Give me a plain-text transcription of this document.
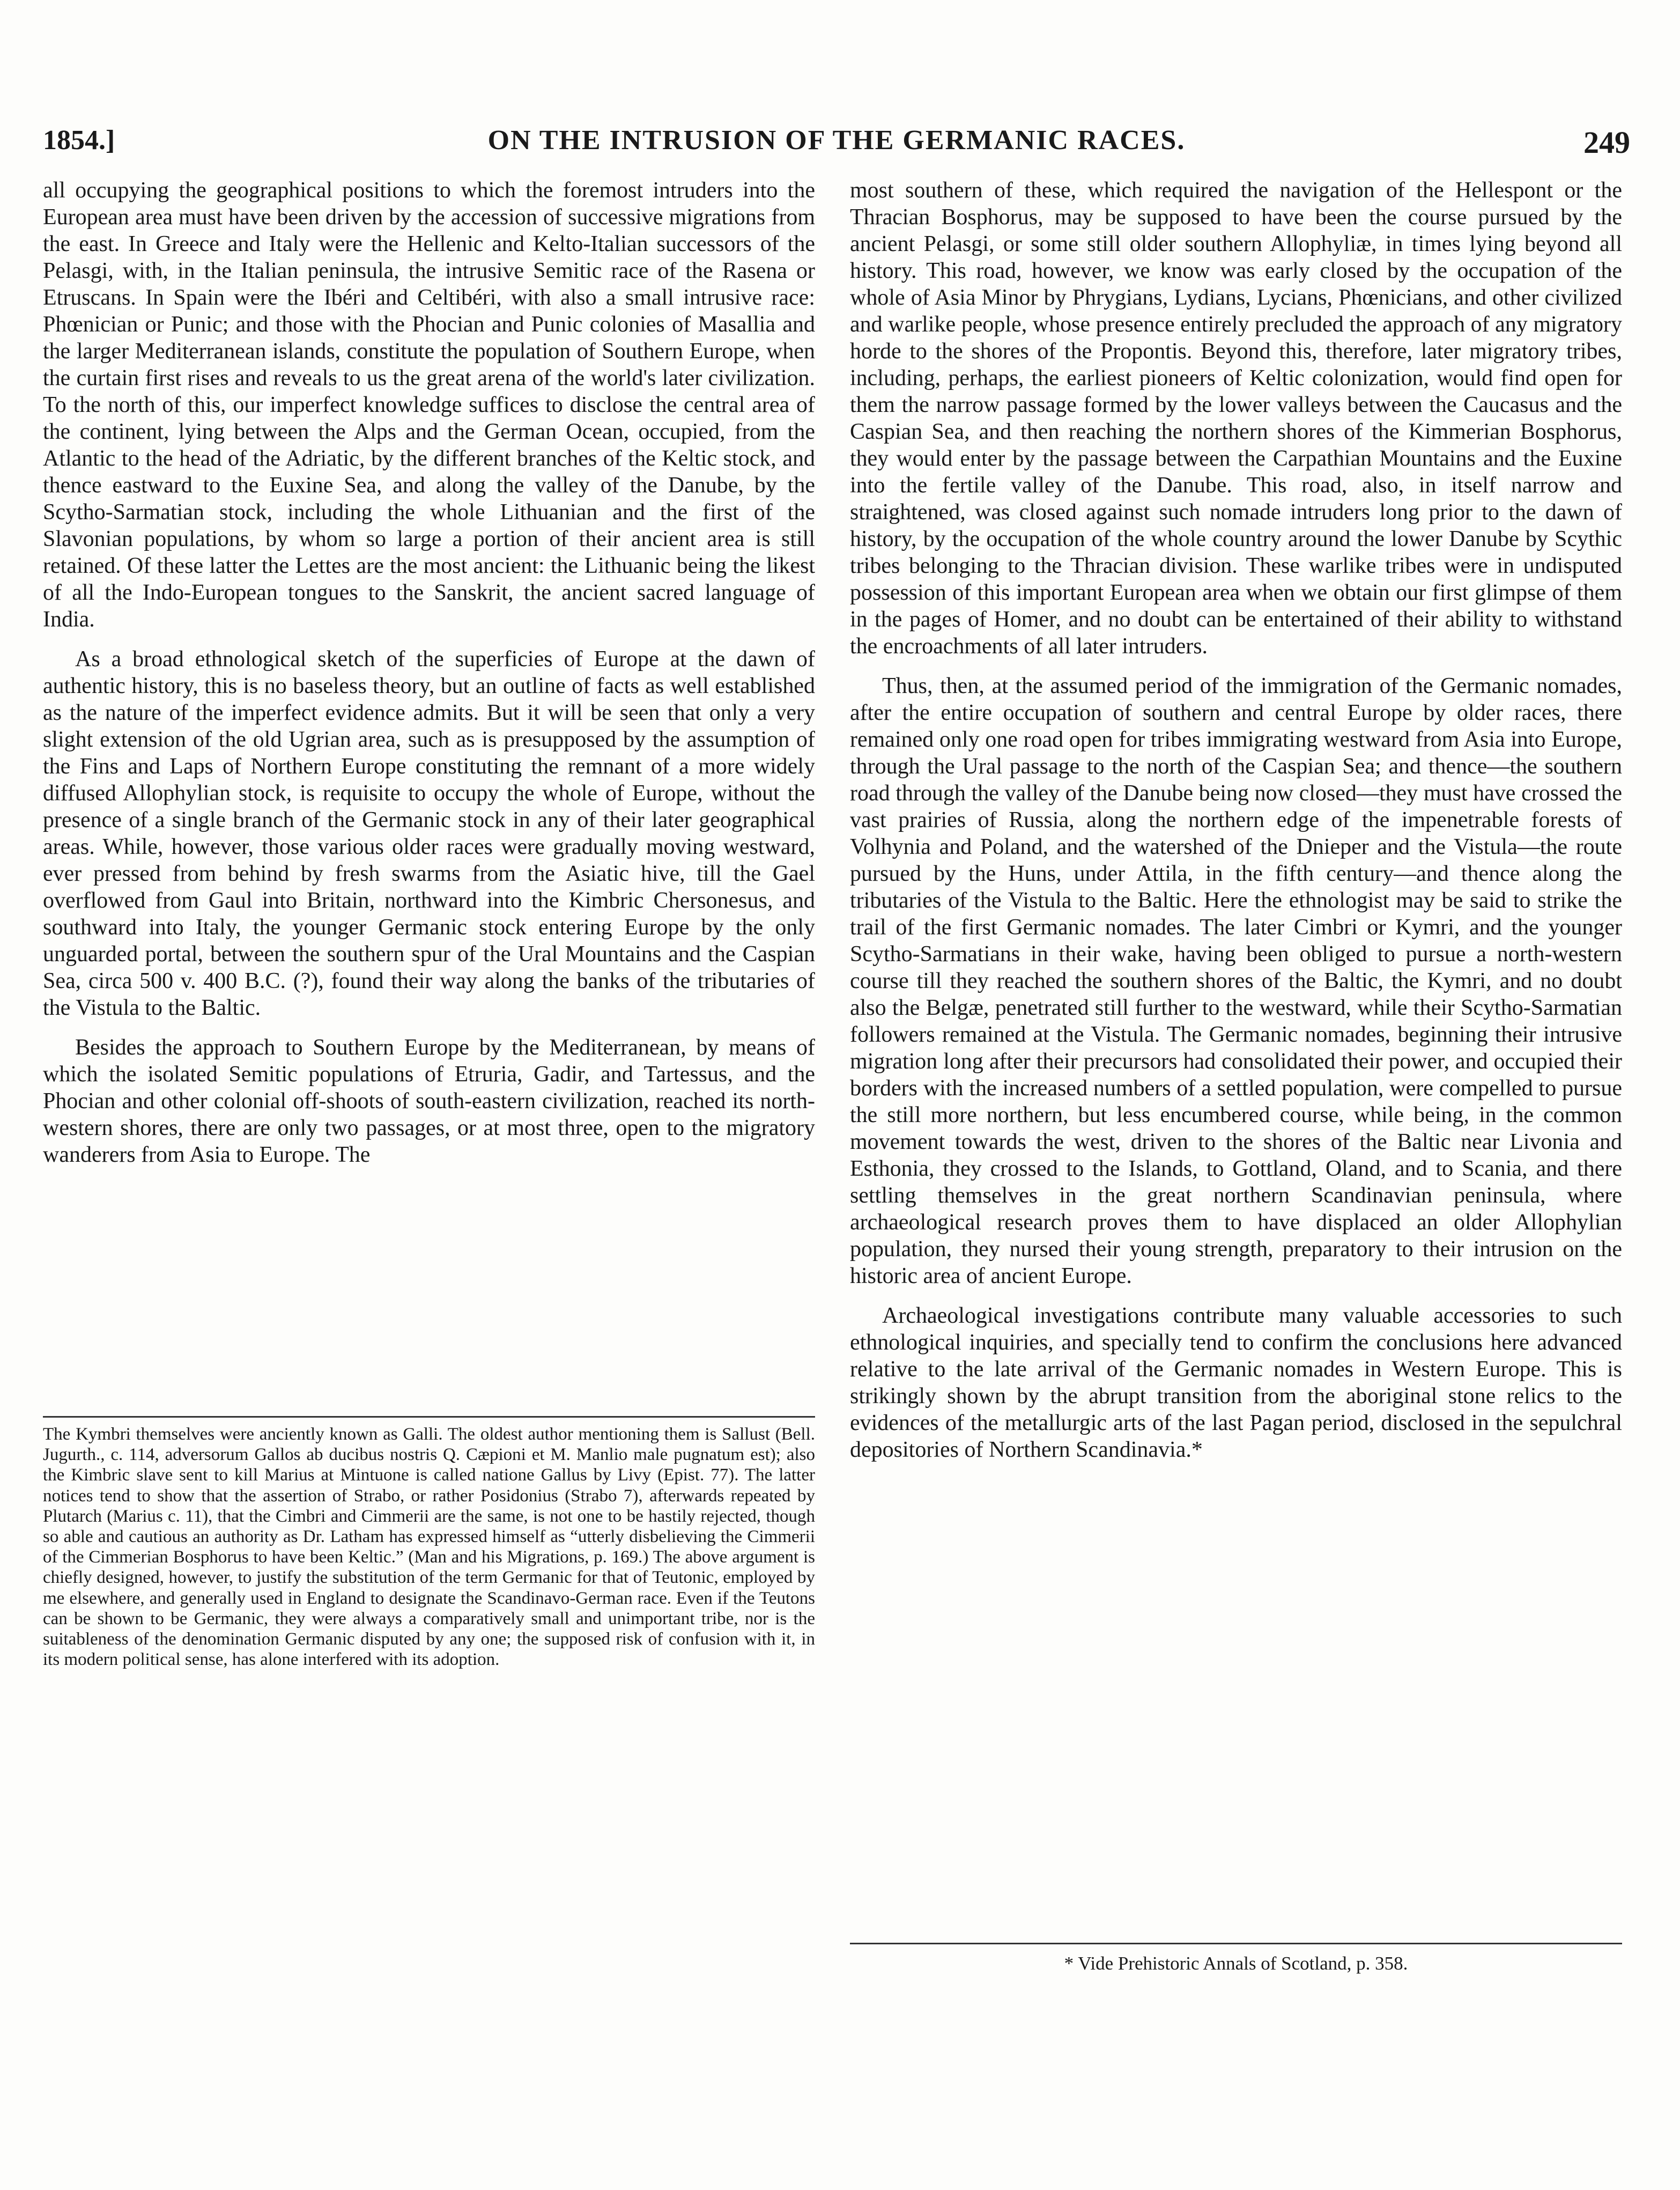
1854.]	ON THE INTRUSION OF THE GERMANIC RACES.	249

all occupying the geographical positions to which the foremost intruders into the European area must have been driven by the accession of successive migrations from the east. In Greece and Italy were the Hellenic and Kelto-Italian successors of the Pelasgi, with, in the Italian peninsula, the intrusive Semitic race of the Rasena or Etruscans. In Spain were the Ibéri and Celtibéri, with also a small intrusive race: Phœnician or Punic; and those with the Phocian and Punic colonies of Masallia and the larger Mediterranean islands, constitute the population of Southern Europe, when the curtain first rises and reveals to us the great arena of the world's later civilization. To the north of this, our imperfect knowledge suffices to disclose the central area of the continent, lying between the Alps and the German Ocean, occupied, from the Atlantic to the head of the Adriatic, by the different branches of the Keltic stock, and thence eastward to the Euxine Sea, and along the valley of the Danube, by the Scytho-Sarmatian stock, including the whole Lithuanian and the first of the Slavonian populations, by whom so large a portion of their ancient area is still retained. Of these latter the Lettes are the most ancient: the Lithuanic being the likest of all the Indo-European tongues to the Sanskrit, the ancient sacred language of India.

As a broad ethnological sketch of the superficies of Europe at the dawn of authentic history, this is no baseless theory, but an outline of facts as well established as the nature of the imperfect evidence admits. But it will be seen that only a very slight extension of the old Ugrian area, such as is presupposed by the assumption of the Fins and Laps of Northern Europe constituting the remnant of a more widely diffused Allophylian stock, is requisite to occupy the whole of Europe, without the presence of a single branch of the Germanic stock in any of their later geographical areas. While, however, those various older races were gradually moving westward, ever pressed from behind by fresh swarms from the Asiatic hive, till the Gael overflowed from Gaul into Britain, northward into the Kimbric Chersonesus, and southward into Italy, the younger Germanic stock entering Europe by the only unguarded portal, between the southern spur of the Ural Mountains and the Caspian Sea, circa 500 v. 400 B.C. (?), found their way along the banks of the tributaries of the Vistula to the Baltic.

Besides the approach to Southern Europe by the Mediterranean, by means of which the isolated Semitic populations of Etruria, Gadir, and Tartessus, and the Phocian and other colonial off-shoots of south-eastern civilization, reached its north-western shores, there are only two passages, or at most three, open to the migratory wanderers from Asia to Europe. The

The Kymbri themselves were anciently known as Galli. The oldest author mentioning them is Sallust (Bell. Jugurth., c. 114, adversorum Gallos ab ducibus nostris Q. Cæpioni et M. Manlio male pugnatum est); also the Kimbric slave sent to kill Marius at Mintuone is called natione Gallus by Livy (Epist. 77). The latter notices tend to show that the assertion of Strabo, or rather Posidonius (Strabo 7), afterwards repeated by Plutarch (Marius c. 11), that the Cimbri and Cimmerii are the same, is not one to be hastily rejected, though so able and cautious an authority as Dr. Latham has expressed himself as “utterly disbelieving the Cimmerii of the Cimmerian Bosphorus to have been Keltic.” (Man and his Migrations, p. 169.) The above argument is chiefly designed, however, to justify the substitution of the term Germanic for that of Teutonic, employed by me elsewhere, and generally used in England to designate the Scandinavo-German race. Even if the Teutons can be shown to be Germanic, they were always a comparatively small and unimportant tribe, nor is the suitableness of the denomination Germanic disputed by any one; the supposed risk of confusion with it, in its modern political sense, has alone interfered with its adoption.

most southern of these, which required the navigation of the Hellespont or the Thracian Bosphorus, may be supposed to have been the course pursued by the ancient Pelasgi, or some still older southern Allophyliæ, in times lying beyond all history. This road, however, we know was early closed by the occupation of the whole of Asia Minor by Phrygians, Lydians, Lycians, Phœnicians, and other civilized and warlike people, whose presence entirely precluded the approach of any migratory horde to the shores of the Propontis. Beyond this, therefore, later migratory tribes, including, perhaps, the earliest pioneers of Keltic colonization, would find open for them the narrow passage formed by the lower valleys between the Caucasus and the Caspian Sea, and then reaching the northern shores of the Kimmerian Bosphorus, they would enter by the passage between the Carpathian Mountains and the Euxine into the fertile valley of the Danube. This road, also, in itself narrow and straightened, was closed against such nomade intruders long prior to the dawn of history, by the occupation of the whole country around the lower Danube by Scythic tribes belonging to the Thracian division. These warlike tribes were in undisputed possession of this important European area when we obtain our first glimpse of them in the pages of Homer, and no doubt can be entertained of their ability to withstand the encroachments of all later intruders.

Thus, then, at the assumed period of the immigration of the Germanic nomades, after the entire occupation of southern and central Europe by older races, there remained only one road open for tribes immigrating westward from Asia into Europe, through the Ural passage to the north of the Caspian Sea; and thence—the southern road through the valley of the Danube being now closed—they must have crossed the vast prairies of Russia, along the northern edge of the impenetrable forests of Volhynia and Poland, and the watershed of the Dnieper and the Vistula—the route pursued by the Huns, under Attila, in the fifth century—and thence along the tributaries of the Vistula to the Baltic. Here the ethnologist may be said to strike the trail of the first Germanic nomades. The later Cimbri or Kymri, and the younger Scytho-Sarmatians in their wake, having been obliged to pursue a north-western course till they reached the southern shores of the Baltic, the Kymri, and no doubt also the Belgæ, penetrated still further to the westward, while their Scytho-Sarmatian followers remained at the Vistula. The Germanic nomades, beginning their intrusive migration long after their precursors had consolidated their power, and occupied their borders with the increased numbers of a settled population, were compelled to pursue the still more northern, but less encumbered course, while being, in the common movement towards the west, driven to the shores of the Baltic near Livonia and Esthonia, they crossed to the Islands, to Gottland, Oland, and to Scania, and there settling themselves in the great northern Scandinavian peninsula, where archaeological research proves them to have displaced an older Allophylian population, they nursed their young strength, preparatory to their intrusion on the historic area of ancient Europe.

Archaeological investigations contribute many valuable accessories to such ethnological inquiries, and specially tend to confirm the conclusions here advanced relative to the late arrival of the Germanic nomades in Western Europe. This is strikingly shown by the abrupt transition from the aboriginal stone relics to the evidences of the metallurgic arts of the last Pagan period, disclosed in the sepulchral depositories of Northern Scandinavia.*

* Vide Prehistoric Annals of Scotland, p. 358.
